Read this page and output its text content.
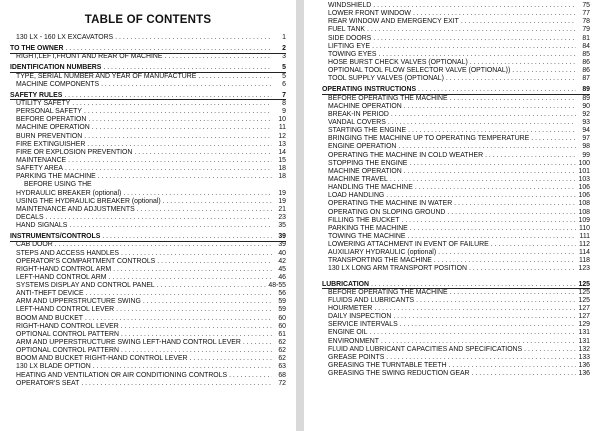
TABLE OF CONTENTS
130 LX - 160 LX EXCAVATORS . . .	1
TO THE OWNER . . .	2
RIGHT,LEFT,FRONT AND REAR OF MACHINE . . .	3
IDENTIFICATION NUMBERS . . .	5
TYPE, SERIAL NUMBER AND YEAR OF MANUFACTURE . . .	5
MACHINE COMPONENTS . . .	6
SAFETY RULES . . .	7
UTILITY SAFETY . . .	8
PERSONAL SAFETY . . .	9
BEFORE OPERATION . . .	10
MACHINE OPERATION . . .	11
BURN PREVENTION . . .	12
FIRE EXTINGUISHER . . .	13
FIRE OR EXPLOSION PREVENTION . . .	14
MAINTENANCE . . .	15
SAFETY AREA . . .	18
PARKING THE MACHINE . . .	18
BEFORE USING THE
HYDRAULIC BREAKER (optional) . . .	19
USING THE HYDRAULIC BREAKER (optional) . . .	19
MAINTENANCE AND ADJUSTMENTS . . .	21
DECALS . . .	23
HAND SIGNALS . . .	35
INSTRUMENTS/CONTROLS . . .	39
CAB DOOR . . .	39
STEPS AND ACCESS HANDLES . . .	40
OPERATOR'S COMPARTMENT CONTROLS . . .	42
RIGHT-HAND CONTROL ARM . . .	45
LEFT-HAND CONTROL ARM . . .	46
SYSTEMS DISPLAY AND CONTROL PANEL . . .	48-55
ANTI-THEFT DEVICE . . .	56
ARM AND UPPERSTRUCTURE SWING . . .	59
LEFT-HAND CONTROL LEVER . . .	59
BOOM AND BUCKET . . .	60
RIGHT-HAND CONTROL LEVER . . .	60
OPTIONAL CONTROL PATTERN . . .	61
ARM AND UPPERSTRUCTURE SWING LEFT-HAND CONTROL LEVER . . .	62
OPTIONAL CONTROL PATTERN . . .	62
BOOM AND BUCKET RIGHT-HAND CONTROL LEVER . . .	62
130 LX BLADE OPTION . . .	63
HEATING AND VENTILATION OR AIR CONDITIONING CONTROLS . . .	68
OPERATOR'S SEAT . . .	72
WINDSHIELD . . .	75
LOWER FRONT WINDOW . . .	77
REAR WINDOW AND EMERGENCY EXIT . . .	78
FUEL TANK . . .	79
SIDE DOORS . . .	81
LIFTING EYE . . .	84
TOWING EYES . . .	85
HOSE BURST CHECK VALVES (OPTIONAL) . . .	86
OPTIONAL TOOL FLOW SELECTOR VALVE (OPTIONAL)) . . .	86
TOOL SUPPLY VALVES (OPTIONAL) . . .	87
OPERATING INSTRUCTIONS . . .	89
BEFORE OPERATING THE MACHINE . . .	89
MACHINE OPERATION . . .	90
BREAK-IN PERIOD . . .	92
VANDAL COVERS . . .	93
STARTING THE ENGINE . . .	94
BRINGING THE MACHINE UP TO OPERATING TEMPERATURE . . .	97
ENGINE OPERATION . . .	98
OPERATING THE MACHINE IN COLD WEATHER . . .	99
STOPPING THE ENGINE . . .	100
MACHINE OPERATION . . .	101
MACHINE TRAVEL . . .	103
HANDLING THE MACHINE . . .	106
LOAD HANDLING . . .	106
OPERATING THE MACHINE IN WATER . . .	108
OPERATING ON SLOPING GROUND . . .	108
FILLING THE BUCKET . . .	109
PARKING THE MACHINE . . .	110
TOWING THE MACHINE . . .	111
LOWERING ATTACHMENT IN EVENT OF FAILURE . . .	112
AUXILIARY HYDRAULIC (optional) . . .	114
TRANSPORTING THE MACHINE . . .	118
130 LX LONG ARM TRANSPORT POSITION . . .	123
LUBRICATION . . .	125
BEFORE OPERATING THE MACHINE . . .	125
FLUIDS AND LUBRICANTS . . .	125
HOURMETER . . .	127
DAILY INSPECTION . . .	127
SERVICE INTERVALS . . .	129
ENGINE OIL . . .	131
ENVIRONMENT . . .	131
FLUID AND LUBRICANT CAPACITIES AND SPECIFICATIONS . . .	132
GREASE POINTS . . .	133
GREASING THE TURNTABLE TEETH . . .	136
GREASING THE SWING REDUCTION GEAR . . .	136
